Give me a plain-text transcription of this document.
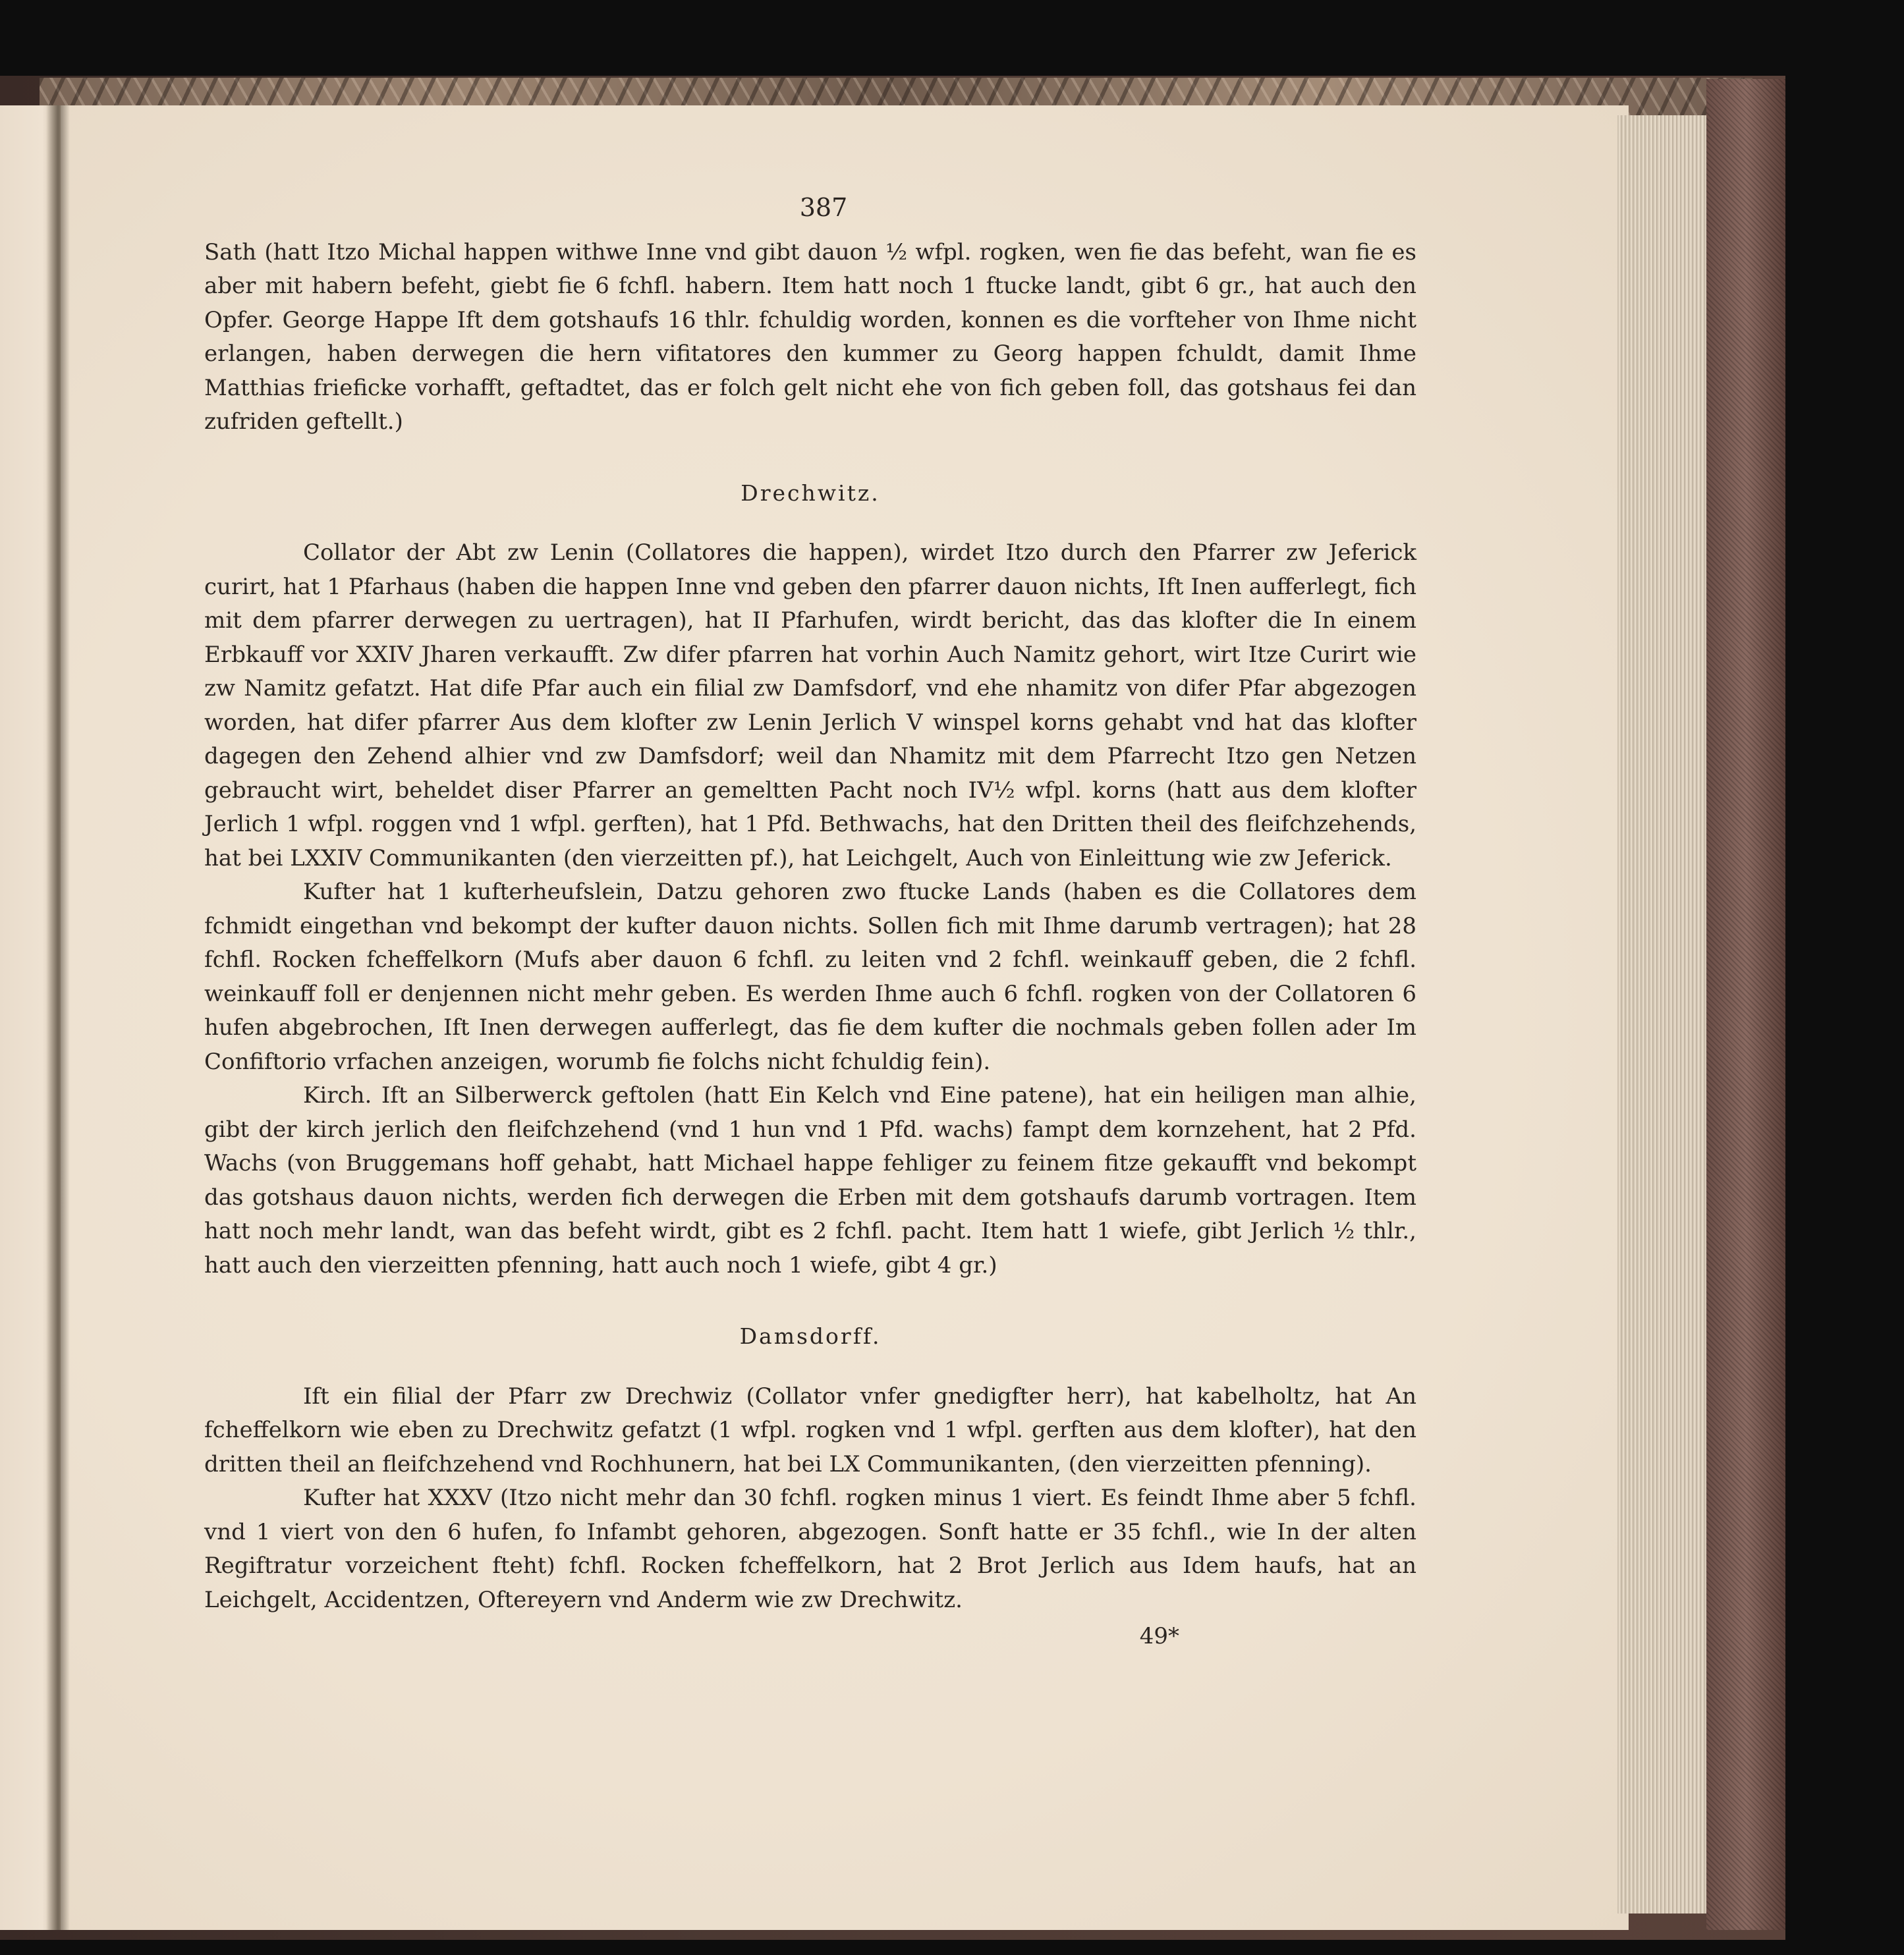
387

Sath (hatt Itzo Michal happen withwe Inne vnd gibt dauon ½ wfpl. rogken, wen fie das befeht, wan fie es aber mit habern befeht, giebt fie 6 fchfl. habern. Item hatt noch 1 ftucke landt, gibt 6 gr., hat auch den Opfer. George Happe Ift dem gotshaufs 16 thlr. fchuldig worden, konnen es die vorfteher von Ihme nicht erlangen, haben derwegen die hern vifitatores den kummer zu Georg happen fchuldt, damit Ihme Matthias frieficke vorhafft, geftadtet, das er folch gelt nicht ehe von fich geben foll, das gotshaus fei dan zufriden geftellt.)

Drechwitz.

Collator der Abt zw Lenin (Collatores die happen), wirdet Itzo durch den Pfarrer zw Jeferick curirt, hat 1 Pfarhaus (haben die happen Inne vnd geben den pfarrer dauon nichts, Ift Inen aufferlegt, fich mit dem pfarrer derwegen zu uertragen), hat II Pfarhufen, wirdt bericht, das das klofter die In einem Erbkauff vor XXIV Jharen verkaufft. Zw difer pfarren hat vorhin Auch Namitz gehort, wirt Itze Curirt wie zw Namitz gefatzt. Hat dife Pfar auch ein filial zw Damfsdorf, vnd ehe nhamitz von difer Pfar abgezogen worden, hat difer pfarrer Aus dem klofter zw Lenin Jerlich V winspel korns gehabt vnd hat das klofter dagegen den Zehend alhier vnd zw Damfsdorf; weil dan Nhamitz mit dem Pfarrecht Itzo gen Netzen gebraucht wirt, beheldet diser Pfarrer an gemeltten Pacht noch IV½ wfpl. korns (hatt aus dem klofter Jerlich 1 wfpl. roggen vnd 1 wfpl. gerften), hat 1 Pfd. Bethwachs, hat den Dritten theil des fleifchzehends, hat bei LXXIV Communikanten (den vierzeitten pf.), hat Leichgelt, Auch von Einleittung wie zw Jeferick.

Kufter hat 1 kufterheufslein, Datzu gehoren zwo ftucke Lands (haben es die Collatores dem fchmidt eingethan vnd bekompt der kufter dauon nichts. Sollen fich mit Ihme darumb vertragen); hat 28 fchfl. Rocken fcheffelkorn (Mufs aber dauon 6 fchfl. zu leiten vnd 2 fchfl. weinkauff geben, die 2 fchfl. weinkauff foll er denjennen nicht mehr geben. Es werden Ihme auch 6 fchfl. rogken von der Collatoren 6 hufen abgebrochen, Ift Inen derwegen aufferlegt, das fie dem kufter die nochmals geben follen ader Im Confiftorio vrfachen anzeigen, worumb fie folchs nicht fchuldig fein).

Kirch. Ift an Silberwerck geftolen (hatt Ein Kelch vnd Eine patene), hat ein heiligen man alhie, gibt der kirch jerlich den fleifchzehend (vnd 1 hun vnd 1 Pfd. wachs) fampt dem kornzehent, hat 2 Pfd. Wachs (von Bruggemans hoff gehabt, hatt Michael happe fehliger zu feinem fitze gekaufft vnd bekompt das gotshaus dauon nichts, werden fich derwegen die Erben mit dem gotshaufs darumb vortragen. Item hatt noch mehr landt, wan das befeht wirdt, gibt es 2 fchfl. pacht. Item hatt 1 wiefe, gibt Jerlich ½ thlr., hatt auch den vierzeitten pfenning, hatt auch noch 1 wiefe, gibt 4 gr.)

Damsdorff.

Ift ein filial der Pfarr zw Drechwiz (Collator vnfer gnedigfter herr), hat kabelholtz, hat An fcheffelkorn wie eben zu Drechwitz gefatzt (1 wfpl. rogken vnd 1 wfpl. gerften aus dem klofter), hat den dritten theil an fleifchzehend vnd Rochhunern, hat bei LX Communikanten, (den vierzeitten pfenning).

Kufter hat XXXV (Itzo nicht mehr dan 30 fchfl. rogken minus 1 viert. Es feindt Ihme aber 5 fchfl. vnd 1 viert von den 6 hufen, fo Infambt gehoren, abgezogen. Sonft hatte er 35 fchfl., wie In der alten Regiftratur vorzeichent fteht) fchfl. Rocken fcheffelkorn, hat 2 Brot Jerlich aus Idem haufs, hat an Leichgelt, Accidentzen, Oftereyern vnd Anderm wie zw Drechwitz.

49*
